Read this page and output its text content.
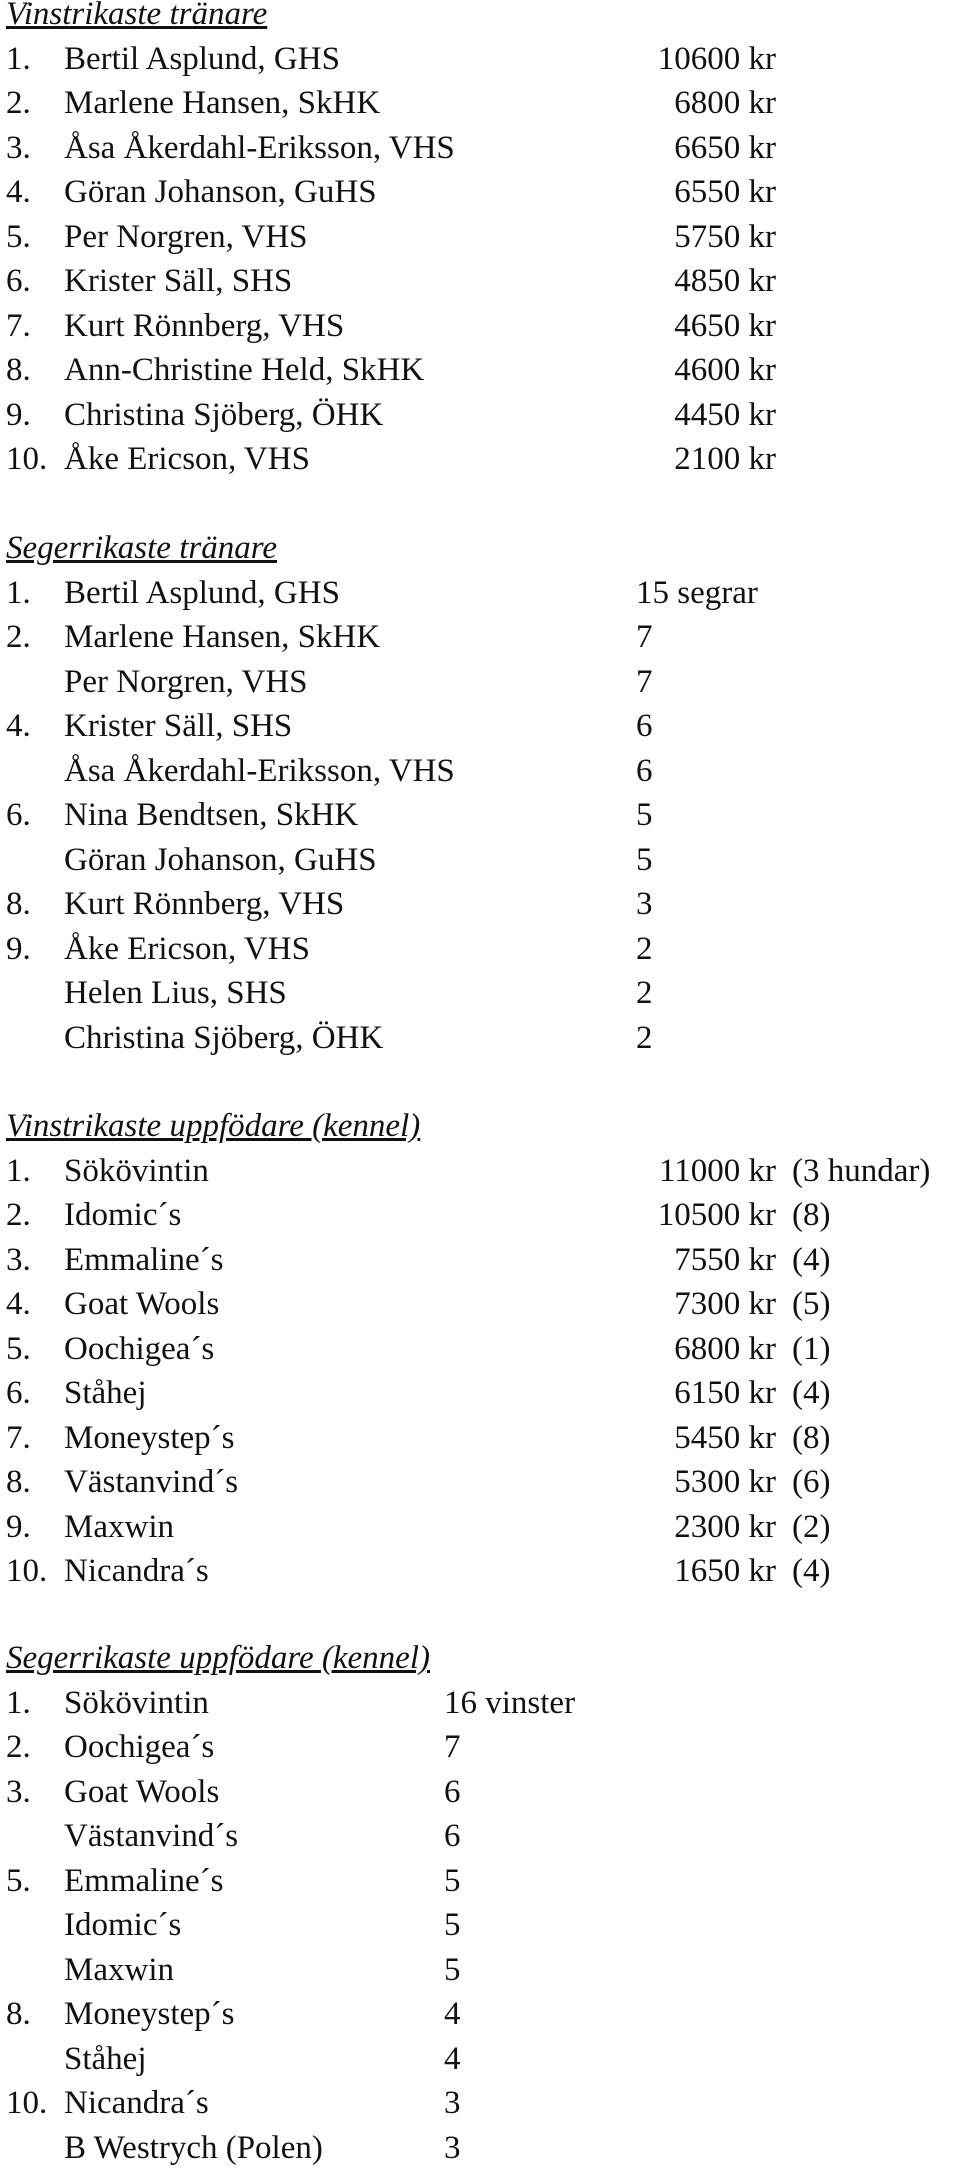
Vinstrikaste tränare
1. Bertil Asplund, GHS	10600 kr
2. Marlene Hansen, SkHK	6800 kr
3. Åsa Åkerdahl-Eriksson, VHS	6650 kr
4. Göran Johanson, GuHS	6550 kr
5. Per Norgren, VHS	5750 kr
6. Krister Säll, SHS	4850 kr
7. Kurt Rönnberg, VHS	4650 kr
8. Ann-Christine Held, SkHK	4600 kr
9. Christina Sjöberg, ÖHK	4450 kr
10. Åke Ericson, VHS	2100 kr
Segerrikaste tränare
1. Bertil Asplund, GHS	15 segrar
2. Marlene Hansen, SkHK	7
Per Norgren, VHS	7
4. Krister Säll, SHS	6
Åsa Åkerdahl-Eriksson, VHS	6
6. Nina Bendtsen, SkHK	5
Göran Johanson, GuHS	5
8. Kurt Rönnberg, VHS	3
9. Åke Ericson, VHS	2
Helen Lius, SHS	2
Christina Sjöberg, ÖHK	2
Vinstrikaste uppfödare (kennel)
1. Sökövintin	11000 kr (3 hundar)
2. Idomic´s	10500 kr (8)
3. Emmaline´s	7550 kr (4)
4. Goat Wools	7300 kr (5)
5. Oochigea´s	6800 kr (1)
6. Ståhej	6150 kr (4)
7. Moneystep´s	5450 kr (8)
8. Västanvind´s	5300 kr (6)
9. Maxwin	2300 kr (2)
10. Nicandra´s	1650 kr (4)
Segerrikaste uppfödare (kennel)
1. Sökövintin	16 vinster
2. Oochigea´s	7
3. Goat Wools	6
Västanvind´s	6
5. Emmaline´s	5
Idomic´s	5
Maxwin	5
8. Moneystep´s	4
Ståhej	4
10. Nicandra´s	3
B Westrych (Polen)	3
